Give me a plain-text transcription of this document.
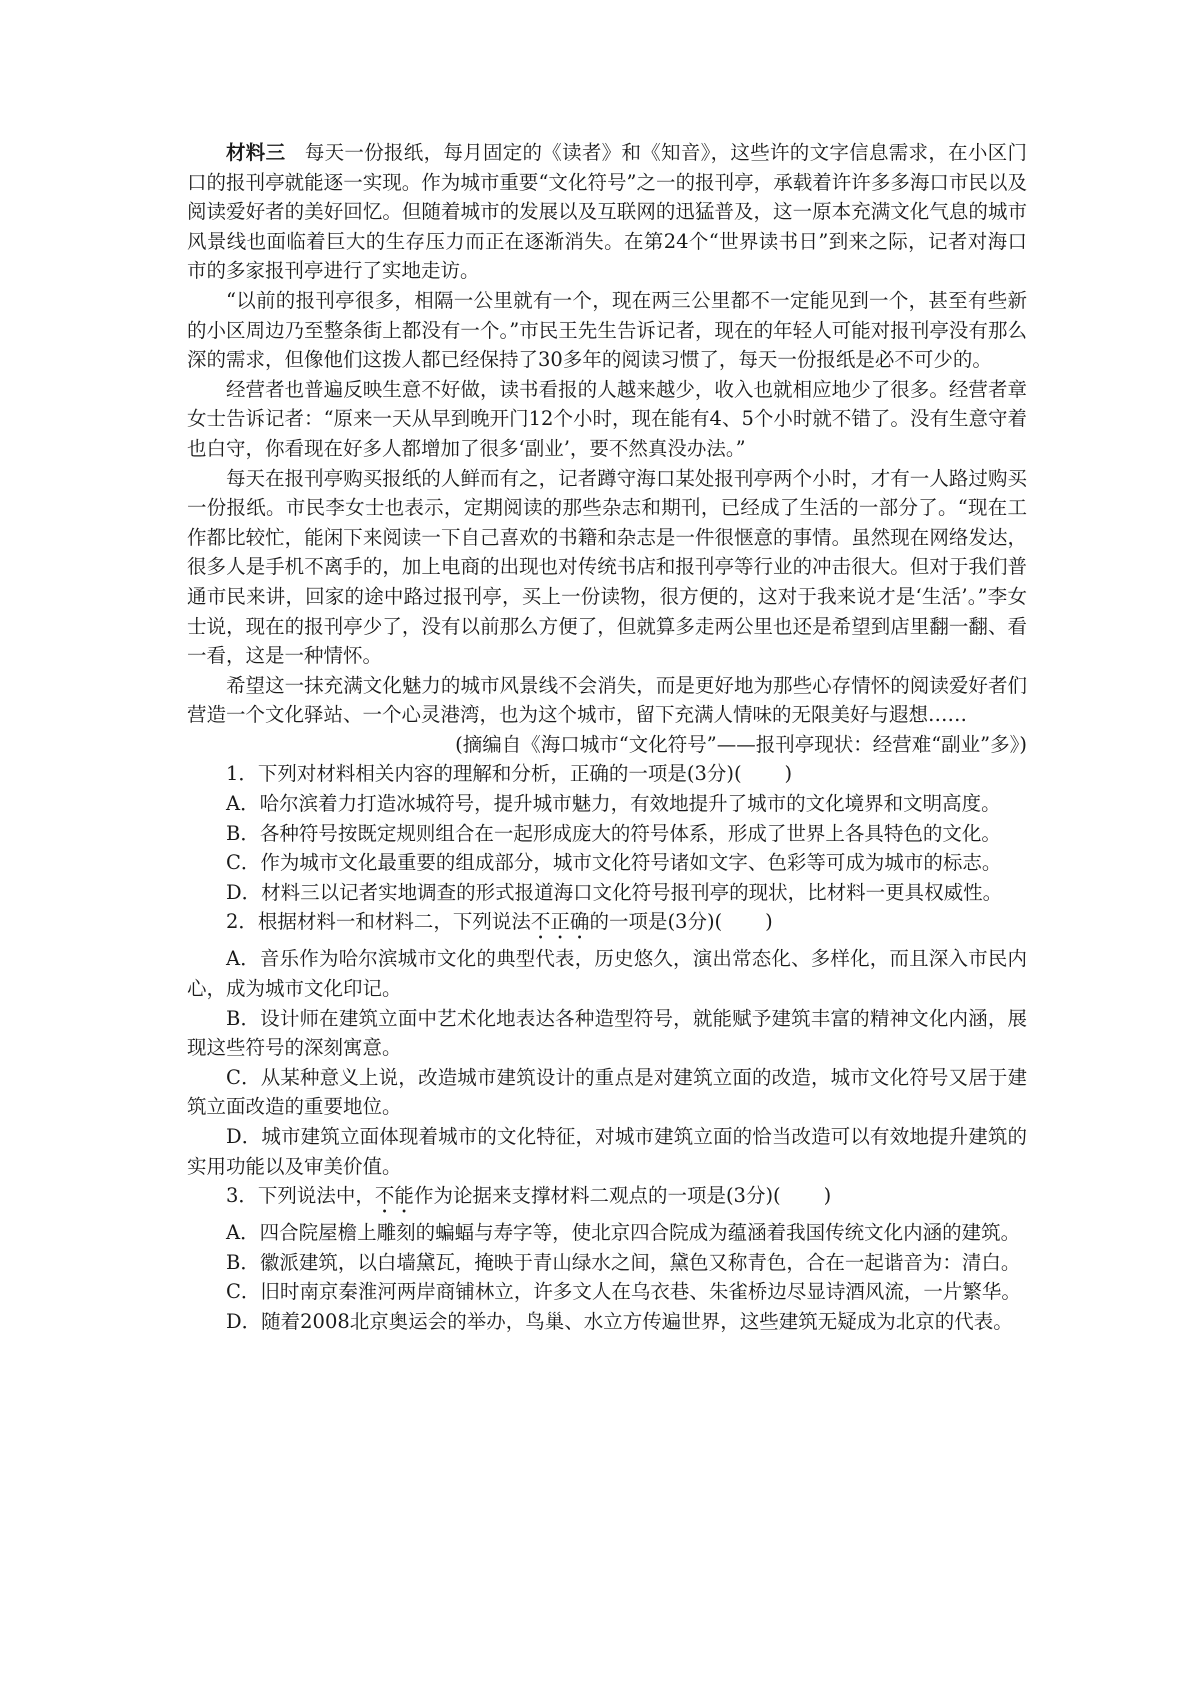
材料三 每天一份报纸，每月固定的《读者》和《知音》，这些许的文字信息需求，在小区门口的报刊亭就能逐一实现。作为城市重要“文化符号”之一的报刊亭，承载着许许多多海口市民以及阅读爱好者的美好回忆。但随着城市的发展以及互联网的迅猛普及，这一原本充满文化气息的城市风景线也面临着巨大的生存压力而正在逐渐消失。在第24个“世界读书日”到来之际，记者对海口市的多家报刊亭进行了实地走访。

“以前的报刊亭很多，相隔一公里就有一个，现在两三公里都不一定能见到一个，甚至有些新的小区周边乃至整条街上都没有一个。”市民王先生告诉记者，现在的年轻人可能对报刊亭没有那么深的需求，但像他们这拨人都已经保持了30多年的阅读习惯了，每天一份报纸是必不可少的。

经营者也普遍反映生意不好做，读书看报的人越来越少，收入也就相应地少了很多。经营者章女士告诉记者：“原来一天从早到晚开门12个小时，现在能有4、5个小时就不错了。没有生意守着也白守，你看现在好多人都增加了很多‘副业’，要不然真没办法。”

每天在报刊亭购买报纸的人鲜而有之，记者蹲守海口某处报刊亭两个小时，才有一人路过购买一份报纸。市民李女士也表示，定期阅读的那些杂志和期刊，已经成了生活的一部分了。“现在工作都比较忙，能闲下来阅读一下自己喜欢的书籍和杂志是一件很惬意的事情。虽然现在网络发达，很多人是手机不离手的，加上电商的出现也对传统书店和报刊亭等行业的冲击很大。但对于我们普通市民来讲，回家的途中路过报刊亭，买上一份读物，很方便的，这对于我来说才是‘生活’。”李女士说，现在的报刊亭少了，没有以前那么方便了，但就算多走两公里也还是希望到店里翻一翻、看一看，这是一种情怀。

希望这一抹充满文化魅力的城市风景线不会消失，而是更好地为那些心存情怀的阅读爱好者们营造一个文化驿站、一个心灵港湾，也为这个城市，留下充满人情味的无限美好与遐想……

(摘编自《海口城市“文化符号”——报刊亭现状：经营难“副业”多》)

1．下列对材料相关内容的理解和分析，正确的一项是(3分)( )

A．哈尔滨着力打造冰城符号，提升城市魅力，有效地提升了城市的文化境界和文明高度。

B．各种符号按既定规则组合在一起形成庞大的符号体系，形成了世界上各具特色的文化。

C．作为城市文化最重要的组成部分，城市文化符号诸如文字、色彩等可成为城市的标志。

D．材料三以记者实地调查的形式报道海口文化符号报刊亭的现状，比材料一更具权威性。

2．根据材料一和材料二，下列说法不正确的一项是(3分)( )

A．音乐作为哈尔滨城市文化的典型代表，历史悠久，演出常态化、多样化，而且深入市民内心，成为城市文化印记。

B．设计师在建筑立面中艺术化地表达各种造型符号，就能赋予建筑丰富的精神文化内涵，展现这些符号的深刻寓意。

C．从某种意义上说，改造城市建筑设计的重点是对建筑立面的改造，城市文化符号又居于建筑立面改造的重要地位。

D．城市建筑立面体现着城市的文化特征，对城市建筑立面的恰当改造可以有效地提升建筑的实用功能以及审美价值。

3．下列说法中，不能作为论据来支撑材料二观点的一项是(3分)( )

A．四合院屋檐上雕刻的蝙蝠与寿字等，使北京四合院成为蕴涵着我国传统文化内涵的建筑。

B．徽派建筑，以白墙黛瓦，掩映于青山绿水之间，黛色又称青色，合在一起谐音为：清白。

C．旧时南京秦淮河两岸商铺林立，许多文人在乌衣巷、朱雀桥边尽显诗酒风流，一片繁华。

D．随着2008北京奥运会的举办，鸟巢、水立方传遍世界，这些建筑无疑成为北京的代表。
